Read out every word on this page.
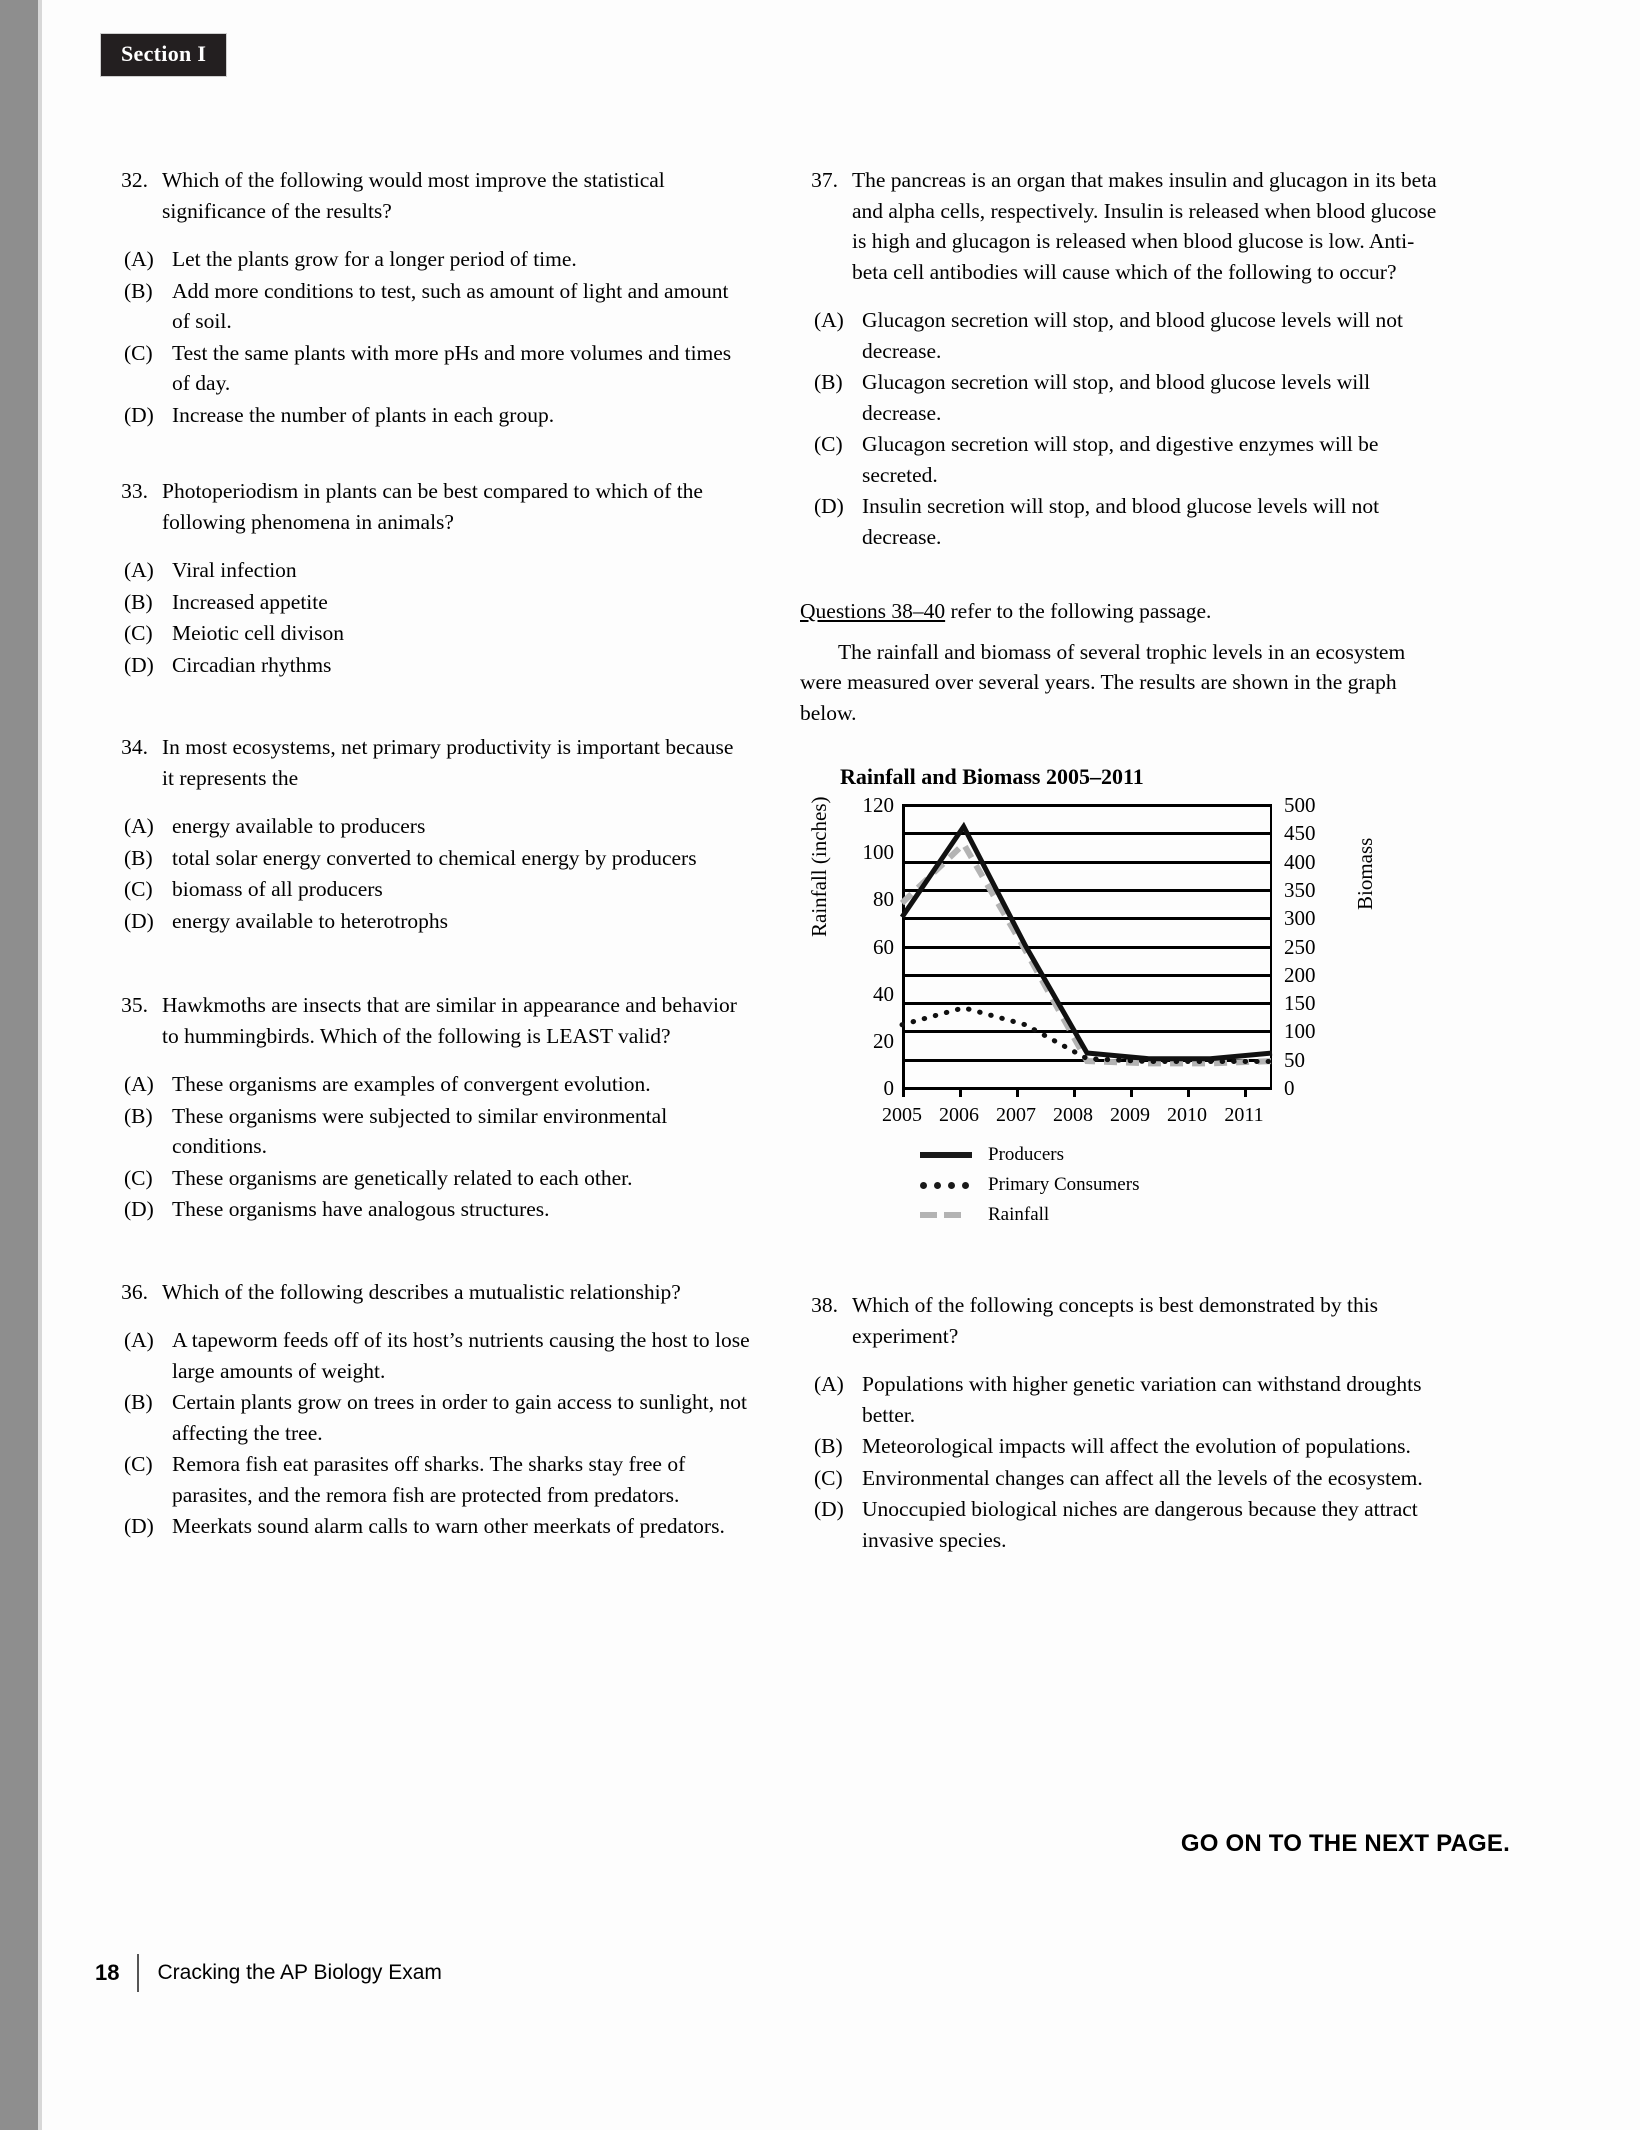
Section I
32. Which of the following would most improve the statistical significance of the results?
(A) Let the plants grow for a longer period of time.
(B) Add more conditions to test, such as amount of light and amount of soil.
(C) Test the same plants with more pHs and more volumes and times of day.
(D) Increase the number of plants in each group.
33. Photoperiodism in plants can be best compared to which of the following phenomena in animals?
(A) Viral infection
(B) Increased appetite
(C) Meiotic cell divison
(D) Circadian rhythms
34. In most ecosystems, net primary productivity is important because it represents the
(A) energy available to producers
(B) total solar energy converted to chemical energy by producers
(C) biomass of all producers
(D) energy available to heterotrophs
35. Hawkmoths are insects that are similar in appearance and behavior to hummingbirds. Which of the following is LEAST valid?
(A) These organisms are examples of convergent evolution.
(B) These organisms were subjected to similar environmental conditions.
(C) These organisms are genetically related to each other.
(D) These organisms have analogous structures.
36. Which of the following describes a mutualistic relationship?
(A) A tapeworm feeds off of its host’s nutrients causing the host to lose large amounts of weight.
(B) Certain plants grow on trees in order to gain access to sunlight, not affecting the tree.
(C) Remora fish eat parasites off sharks. The sharks stay free of parasites, and the remora fish are protected from predators.
(D) Meerkats sound alarm calls to warn other meerkats of predators.
37. The pancreas is an organ that makes insulin and glucagon in its beta and alpha cells, respectively. Insulin is released when blood glucose is high and glucagon is released when blood glucose is low. Anti-beta cell antibodies will cause which of the following to occur?
(A) Glucagon secretion will stop, and blood glucose levels will not decrease.
(B) Glucagon secretion will stop, and blood glucose levels will decrease.
(C) Glucagon secretion will stop, and digestive enzymes will be secreted.
(D) Insulin secretion will stop, and blood glucose levels will not decrease.
Questions 38–40 refer to the following passage.
The rainfall and biomass of several trophic levels in an ecosystem were measured over several years. The results are shown in the graph below.
Rainfall and Biomass 2005–2011
Rainfall (inches)	Biomass
120
100
80
60
40
20
0
500
450
400
350
300
250
200
150
100
50
0
2005 2006 2007 2008 2009 2010 2011
Producers
Primary Consumers
Rainfall
38. Which of the following concepts is best demonstrated by this experiment?
(A) Populations with higher genetic variation can withstand droughts better.
(B) Meteorological impacts will affect the evolution of populations.
(C) Environmental changes can affect all the levels of the ecosystem.
(D) Unoccupied biological niches are dangerous because they attract invasive species.
GO ON TO THE NEXT PAGE.
18 Cracking the AP Biology Exam
